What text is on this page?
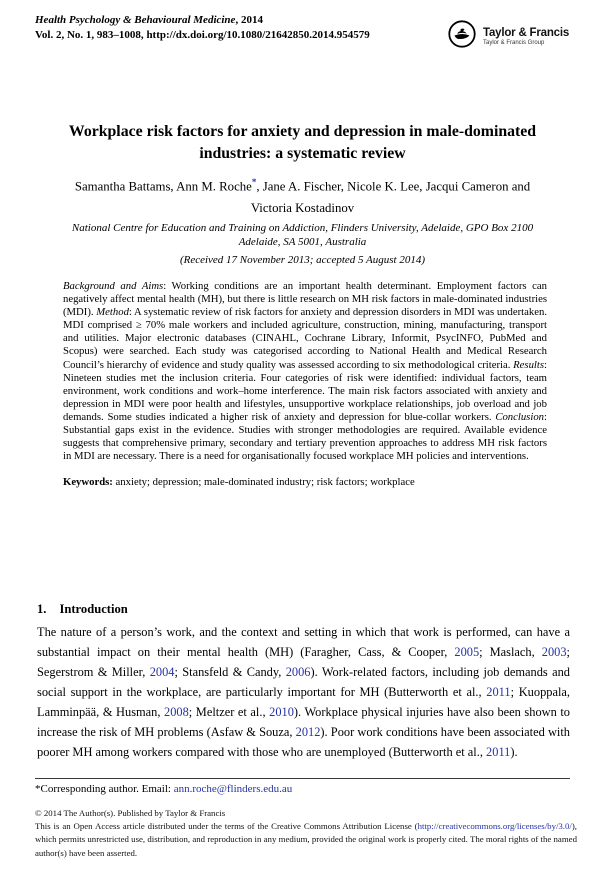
Health Psychology & Behavioural Medicine, 2014
Vol. 2, No. 1, 983–1008, http://dx.doi.org/10.1080/21642850.2014.954579	Taylor & Francis
Taylor & Francis Group
Workplace risk factors for anxiety and depression in male-dominated
industries: a systematic review
Samantha Battams, Ann M. Roche*, Jane A. Fischer, Nicole K. Lee, Jacqui Cameron and
Victoria Kostadinov
National Centre for Education and Training on Addiction, Flinders University, Adelaide, GPO Box 2100
Adelaide, SA 5001, Australia
(Received 17 November 2013; accepted 5 August 2014)

Background and Aims: Working conditions are an important health determinant. Employment factors can negatively affect mental health (MH), but there is little research on MH risk factors in male-dominated industries (MDI). Method: A systematic review of risk factors for anxiety and depression disorders in MDI was undertaken. MDI comprised ≥ 70% male workers and included agriculture, construction, mining, manufacturing, transport and utilities. Major electronic databases (CINAHL, Cochrane Library, Informit, PsycINFO, PubMed and Scopus) were searched. Each study was categorised according to National Health and Medical Research Council’s hierarchy of evidence and study quality was assessed according to six methodological criteria. Results: Nineteen studies met the inclusion criteria. Four categories of risk were identified: individual factors, team environment, work conditions and work–home interference. The main risk factors associated with anxiety and depression in MDI were poor health and lifestyles, unsupportive workplace relationships, job overload and job demands. Some studies indicated a higher risk of anxiety and depression for blue-collar workers. Conclusion: Substantial gaps exist in the evidence. Studies with stronger methodologies are required. Available evidence suggests that comprehensive primary, secondary and tertiary prevention approaches to address MH risk factors in MDI are necessary. There is a need for organisationally focused workplace MH policies and interventions.

Keywords: anxiety; depression; male-dominated industry; risk factors; workplace
1. Introduction
The nature of a person’s work, and the context and setting in which that work is performed, can have a substantial impact on their mental health (MH) (Faragher, Cass, & Cooper, 2005; Maslach, 2003; Segerstrom & Miller, 2004; Stansfeld & Candy, 2006). Work-related factors, including job demands and social support in the workplace, are particularly important for MH (Butterworth et al., 2011; Kuoppala, Lamminpää, & Husman, 2008; Meltzer et al., 2010). Workplace physical injuries have also been shown to increase the risk of MH problems (Asfaw & Souza, 2012). Poor work conditions have been associated with poorer MH among workers compared with those who are unemployed (Butterworth et al., 2011).
*Corresponding author. Email: ann.roche@flinders.edu.au
© 2014 The Author(s). Published by Taylor & Francis

This is an Open Access article distributed under the terms of the Creative Commons Attribution License (http://creativecommons.org/licenses/by/3.0/), which permits unrestricted use, distribution, and reproduction in any medium, provided the original work is properly cited. The moral rights of the named author(s) have been asserted.
